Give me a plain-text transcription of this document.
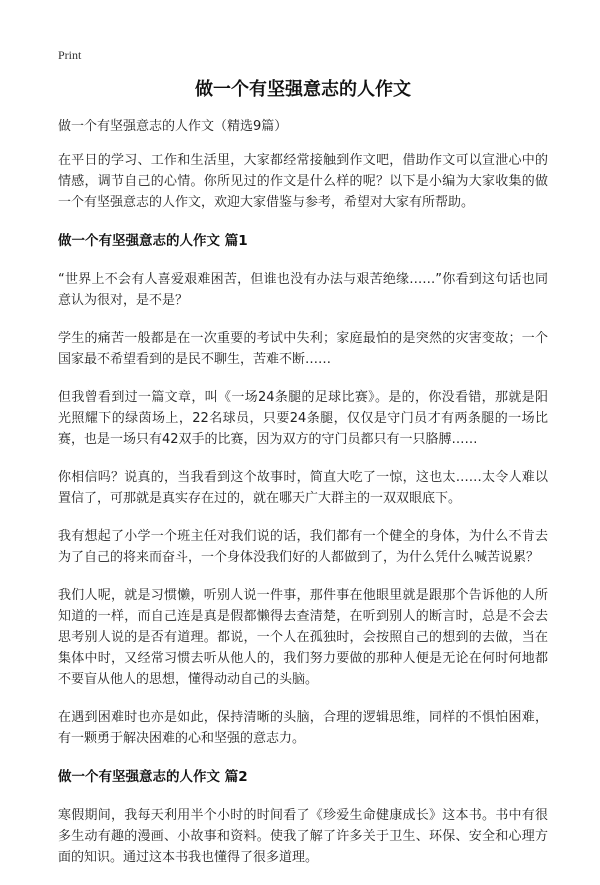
Print
做一个有坚强意志的人作文

做一个有坚强意志的人作文（精选9篇）

在平日的学习、工作和生活里，大家都经常接触到作文吧，借助作文可以宣泄心中的情感，调节自己的心情。你所见过的作文是什么样的呢？以下是小编为大家收集的做一个有坚强意志的人作文，欢迎大家借鉴与参考，希望对大家有所帮助。

做一个有坚强意志的人作文 篇1

“世界上不会有人喜爱艰难困苦，但谁也没有办法与艰苦绝缘……”你看到这句话也同意认为很对，是不是？

学生的痛苦一般都是在一次重要的考试中失利；家庭最怕的是突然的灾害变故；一个国家最不希望看到的是民不聊生，苦难不断……

但我曾看到过一篇文章，叫《一场24条腿的足球比赛》。是的，你没看错，那就是阳光照耀下的绿茵场上，22名球员，只要24条腿，仅仅是守门员才有两条腿的一场比赛，也是一场只有42双手的比赛，因为双方的守门员都只有一只胳膊……

你相信吗？说真的，当我看到这个故事时，简直大吃了一惊，这也太……太令人难以置信了，可那就是真实存在过的，就在哪天广大群主的一双双眼底下。

我有想起了小学一个班主任对我们说的话，我们都有一个健全的身体，为什么不肯去为了自己的将来而奋斗，一个身体没我们好的人都做到了，为什么凭什么喊苦说累？

我们人呢，就是习惯懒，听别人说一件事，那件事在他眼里就是跟那个告诉他的人所知道的一样，而自己连是真是假都懒得去查清楚，在听到别人的断言时，总是不会去思考别人说的是否有道理。都说，一个人在孤独时，会按照自己的想到的去做，当在集体中时，又经常习惯去听从他人的，我们努力要做的那种人便是无论在何时何地都不要盲从他人的思想，懂得动动自己的头脑。

在遇到困难时也亦是如此，保持清晰的头脑，合理的逻辑思维，同样的不惧怕困难，有一颗勇于解决困难的心和坚强的意志力。

做一个有坚强意志的人作文 篇2

寒假期间，我每天利用半个小时的时间看了《珍爱生命健康成长》这本书。书中有很多生动有趣的漫画、小故事和资料。使我了解了许多关于卫生、环保、安全和心理方面的知识。通过这本书我也懂得了很多道理。
